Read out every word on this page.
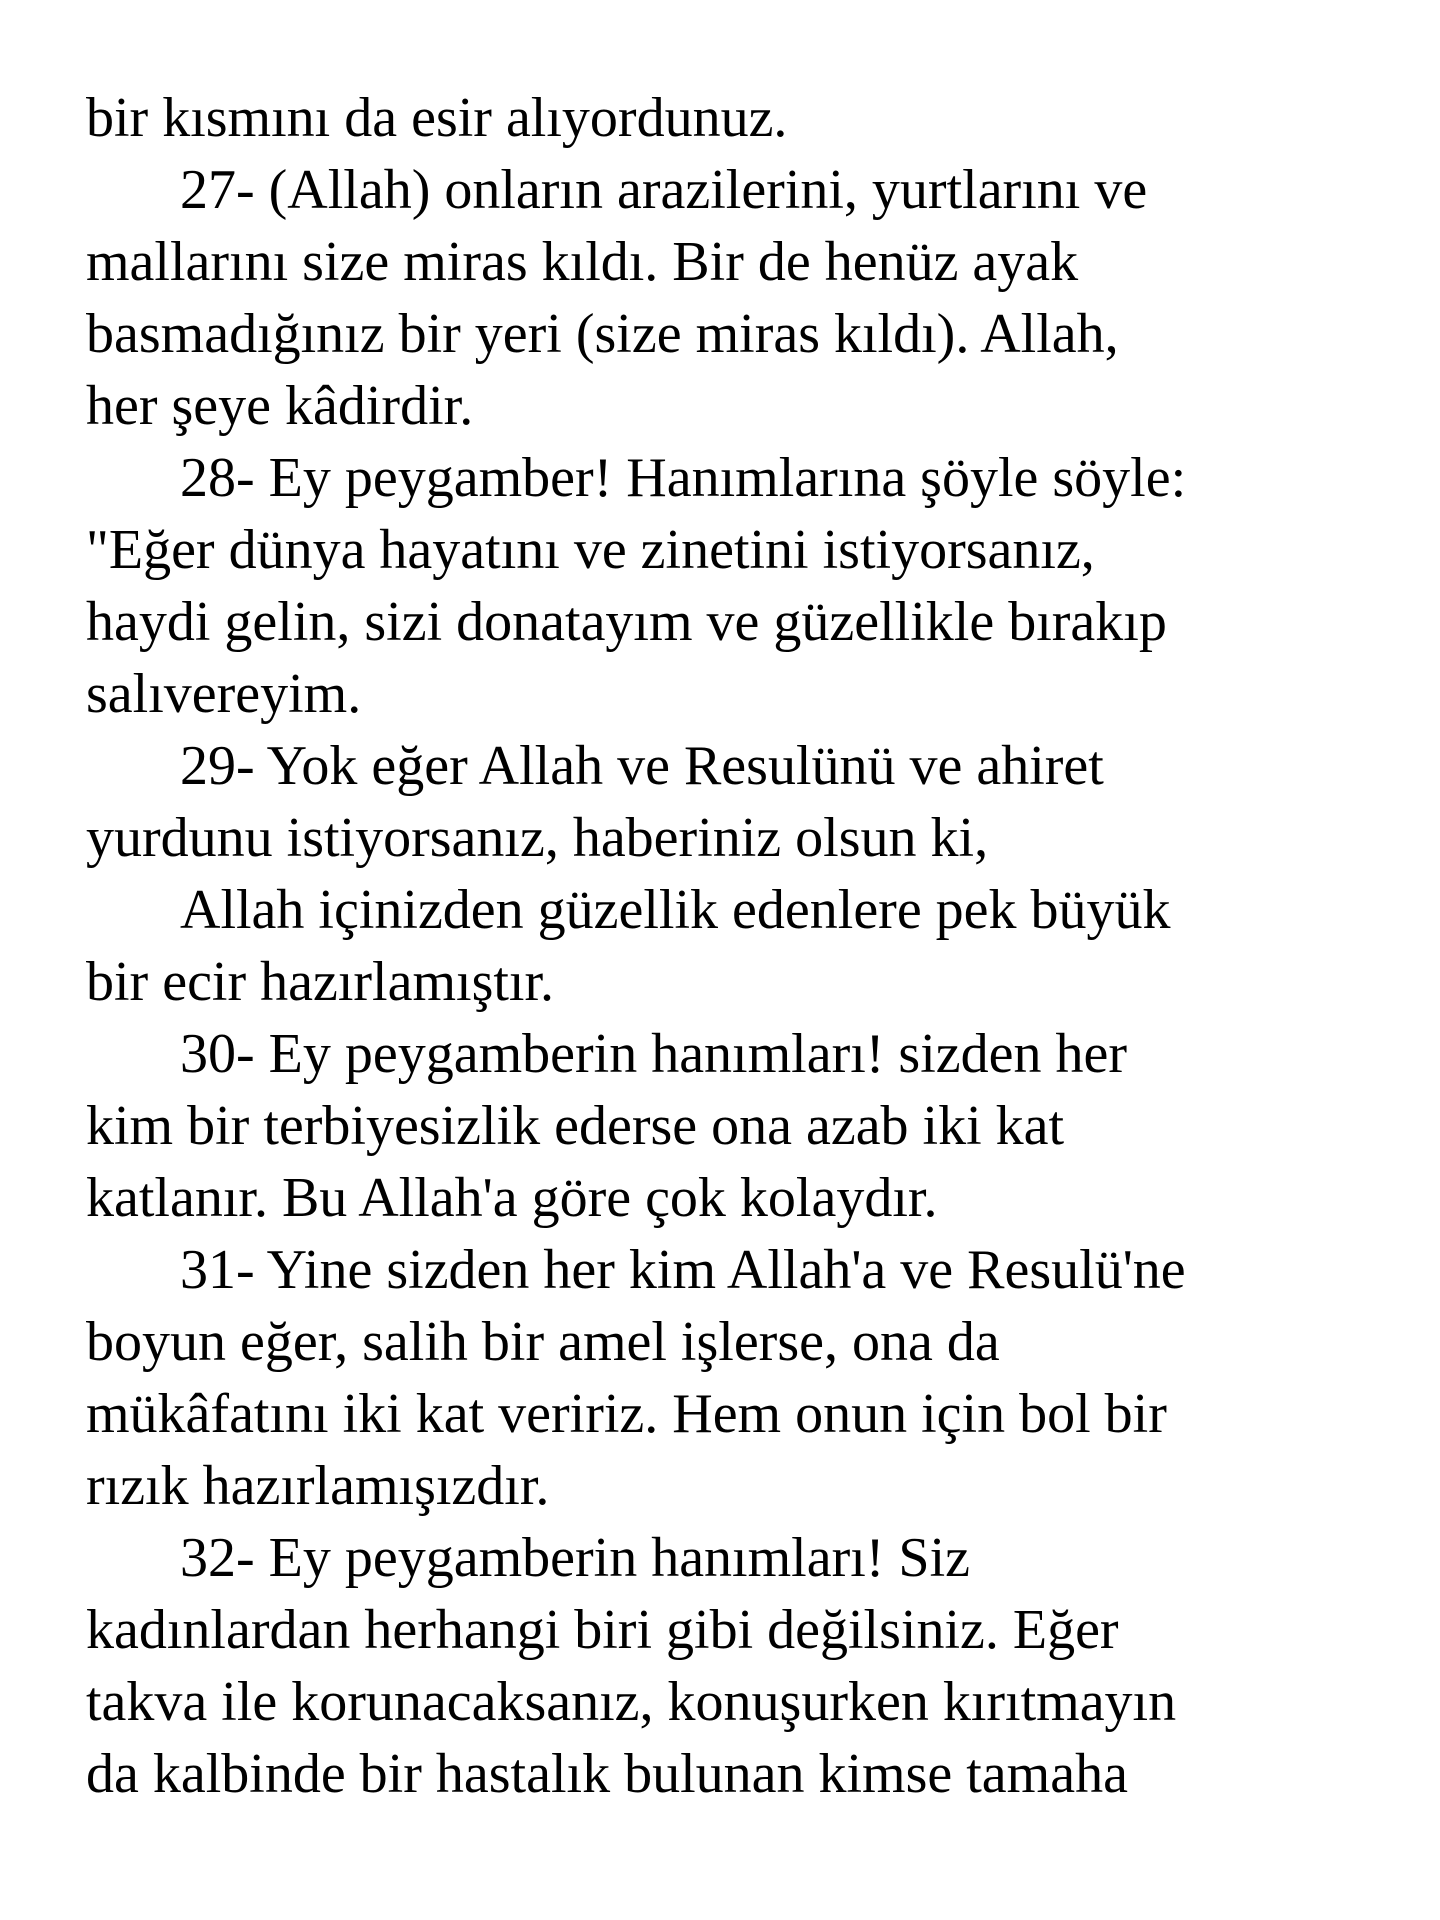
bir kısmını da esir alıyordunuz.
27- (Allah) onların arazilerini, yurtlarını ve
mallarını size miras kıldı. Bir de henüz ayak
basmadığınız bir yeri (size miras kıldı). Allah,
her şeye kâdirdir.
28- Ey peygamber! Hanımlarına şöyle söyle:
"Eğer dünya hayatını ve zinetini istiyorsanız,
haydi gelin, sizi donatayım ve güzellikle bırakıp
salıvereyim.
29- Yok eğer Allah ve Resulünü ve ahiret
yurdunu istiyorsanız, haberiniz olsun ki,
Allah içinizden güzellik edenlere pek büyük
bir ecir hazırlamıştır.
30- Ey peygamberin hanımları! sizden her
kim bir terbiyesizlik ederse ona azab iki kat
katlanır. Bu Allah'a göre çok kolaydır.
31- Yine sizden her kim Allah'a ve Resulü'ne
boyun eğer, salih bir amel işlerse, ona da
mükâfatını iki kat veririz. Hem onun için bol bir
rızık hazırlamışızdır.
32- Ey peygamberin hanımları! Siz
kadınlardan herhangi biri gibi değilsiniz. Eğer
takva ile korunacaksanız, konuşurken kırıtmayın
da kalbinde bir hastalık bulunan kimse tamaha
